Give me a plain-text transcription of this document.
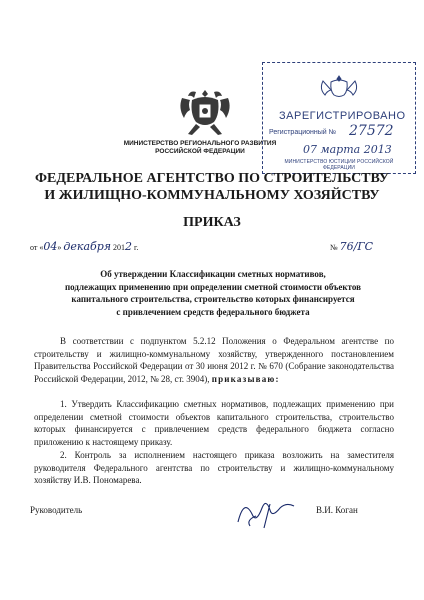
МИНИСТЕРСТВО РЕГИОНАЛЬНОГО РАЗВИТИЯ
РОССИЙСКОЙ ФЕДЕРАЦИИ
ЗАРЕГИСТРИРОВАНО
Регистрационный № 27572
07 марта 2013
МИНИСТЕРСТВО ЮСТИЦИИ РОССИЙСКОЙ ФЕДЕРАЦИИ
ФЕДЕРАЛЬНОЕ АГЕНТСТВО ПО СТРОИТЕЛЬСТВУ
И ЖИЛИЩНО-КОММУНАЛЬНОМУ ХОЗЯЙСТВУ
ПРИКАЗ
от «04» декабря 2012 г.	№ 76/ГС
Об утверждении Классификации сметных нормативов,
подлежащих применению при определении сметной стоимости объектов
капитального строительства, строительство которых финансируется
с привлечением средств федерального бюджета
В соответствии с подпунктом 5.2.12 Положения о Федеральном агентстве по строительству и жилищно-коммунальному хозяйству, утвержденного постановлением Правительства Российской Федерации от 30 июня 2012 г. № 670 (Собрание законодательства Российской Федерации, 2012, № 28, ст. 3904), приказываю:
1. Утвердить Классификацию сметных нормативов, подлежащих применению при определении сметной стоимости объектов капитального строительства, строительство которых финансируется с привлечением средств федерального бюджета согласно приложению к настоящему приказу.
2. Контроль за исполнением настоящего приказа возложить на заместителя руководителя Федерального агентства по строительству и жилищно-коммунальному хозяйству И.В. Пономарева.
Руководитель	В.И. Коган
